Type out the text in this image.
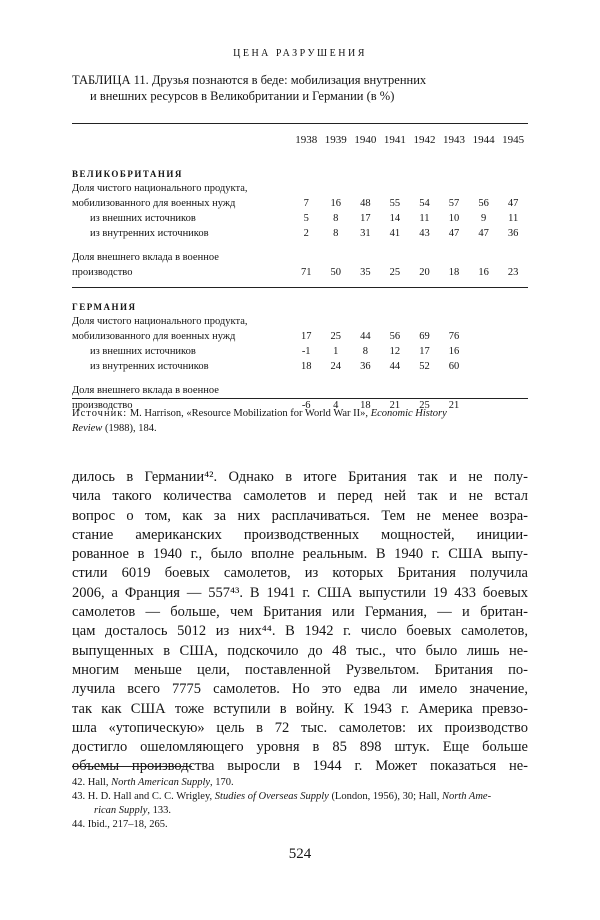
ЦЕНА РАЗРУШЕНИЯ
ТАБЛИЦА 11. Друзья познаются в беде: мобилизация внутренних
и внешних ресурсов в Великобритании и Германии (в %)
	1938	1939	1940	1941	1942	1943	1944	1945

ВЕЛИКОБРИТАНИЯ								
Доля чистого национального продукта,								
мобилизованного для военных нужд	7	16	48	55	54	57	56	47
из внешних источников	5	8	17	14	11	10	9	11
из внутренних источников	2	8	31	41	43	47	47	36

Доля внешнего вклада в военное								
производство	71	50	35	25	20	18	16	23

ГЕРМАНИЯ								
Доля чистого национального продукта,								
мобилизованного для военных нужд	17	25	44	56	69	76		
из внешних источников	-1	1	8	12	17	16		
из внутренних источников	18	24	36	44	52	60		

Доля внешнего вклада в военное								
производство	-6	4	18	21	25	21		
Источник: M. Harrison, «Resource Mobilization for World War II», Economic History
Review (1988), 184.
дилось в Германии⁴². Однако в итоге Британия так и не полу-
чила такого количества самолетов и перед ней так и не встал
вопрос о том, как за них расплачиваться. Тем не менее возра-
стание американских производственных мощностей, иниции-
рованное в 1940 г., было вполне реальным. В 1940 г. США выпу-
стили 6019 боевых самолетов, из которых Британия получила
2006, а Франция — 557⁴³. В 1941 г. США выпустили 19 433 боевых
самолетов — больше, чем Британия или Германия, — и британ-
цам досталось 5012 из них⁴⁴. В 1942 г. число боевых самолетов,
выпущенных в США, подскочило до 48 тыс., что было лишь не-
многим меньше цели, поставленной Рузвельтом. Британия по-
лучила всего 7775 самолетов. Но это едва ли имело значение,
так как США тоже вступили в войну. К 1943 г. Америка превзо-
шла «утопическую» цель в 72 тыс. самолетов: их производство
достигло ошеломляющего уровня в 85 898 штук. Еще больше
объемы производства выросли в 1944 г. Может показаться не-
42. Hall, North American Supply, 170.
43. H. D. Hall and C. C. Wrigley, Studies of Overseas Supply (London, 1956), 30; Hall, North Ame-
rican Supply, 133.
44. Ibid., 217–18, 265.
524
